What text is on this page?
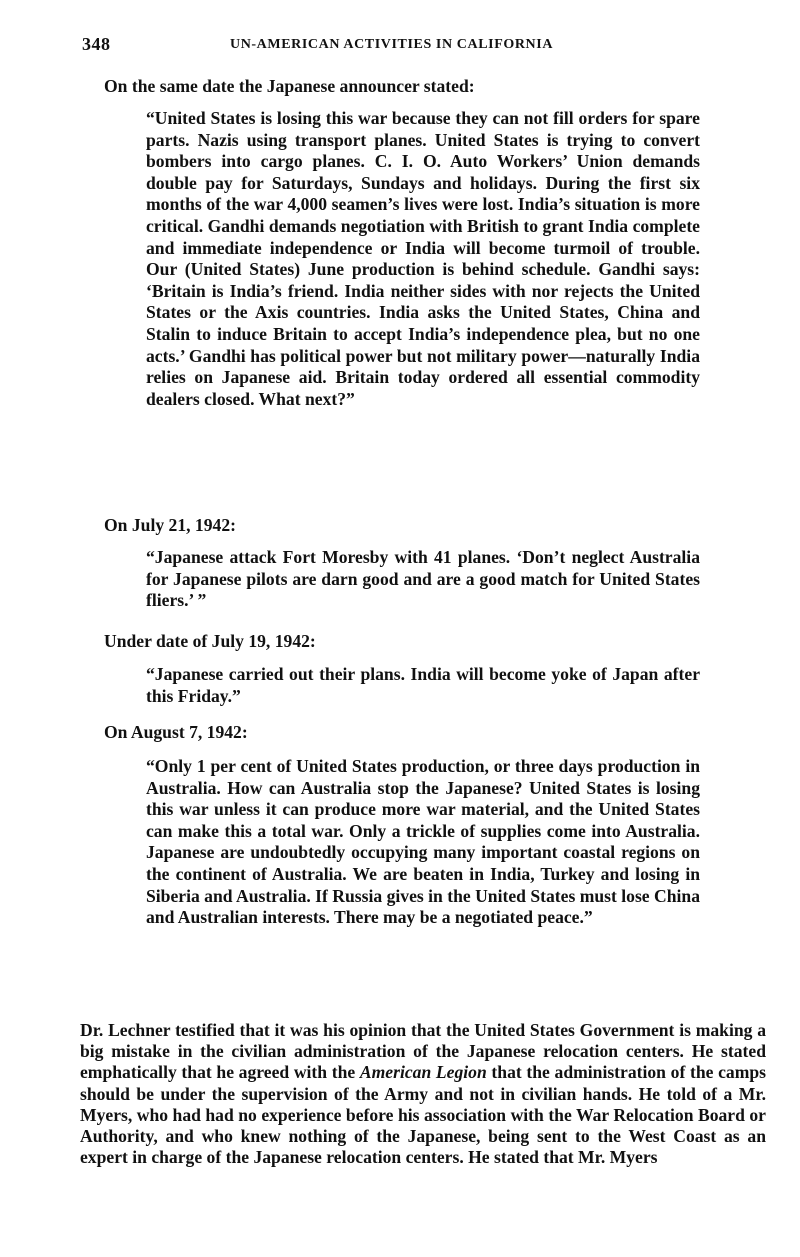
348	UN-AMERICAN ACTIVITIES IN CALIFORNIA
On the same date the Japanese announcer stated:
“United States is losing this war because they can not fill orders for spare parts. Nazis using transport planes. United States is trying to convert bombers into cargo planes. C. I. O. Auto Workers’ Union demands double pay for Saturdays, Sundays and holidays. During the first six months of the war 4,000 seamen’s lives were lost. India’s situation is more critical. Gandhi demands negotiation with British to grant India complete and immediate independence or India will become turmoil of trouble. Our (United States) June production is behind schedule. Gandhi says: ‘Britain is India’s friend. India neither sides with nor rejects the United States or the Axis countries. India asks the United States, China and Stalin to induce Britain to accept India’s independence plea, but no one acts.’ Gandhi has political power but not military power—naturally India relies on Japanese aid. Britain today ordered all essential commodity dealers closed. What next?”
On July 21, 1942:
“Japanese attack Fort Moresby with 41 planes. ‘Don’t neglect Australia for Japanese pilots are darn good and are a good match for United States fliers.’ ”
Under date of July 19, 1942:
“Japanese carried out their plans. India will become yoke of Japan after this Friday.”
On August 7, 1942:
“Only 1 per cent of United States production, or three days production in Australia. How can Australia stop the Japanese? United States is losing this war unless it can produce more war material, and the United States can make this a total war. Only a trickle of supplies come into Australia. Japanese are undoubtedly occupying many important coastal regions on the continent of Australia. We are beaten in India, Turkey and losing in Siberia and Australia. If Russia gives in the United States must lose China and Australian interests. There may be a negotiated peace.”
Dr. Lechner testified that it was his opinion that the United States Government is making a big mistake in the civilian administration of the Japanese relocation centers. He stated emphatically that he agreed with the American Legion that the administration of the camps should be under the supervision of the Army and not in civilian hands. He told of a Mr. Myers, who had had no experience before his association with the War Relocation Board or Authority, and who knew nothing of the Japanese, being sent to the West Coast as an expert in charge of the Japanese relocation centers. He stated that Mr. Myers
